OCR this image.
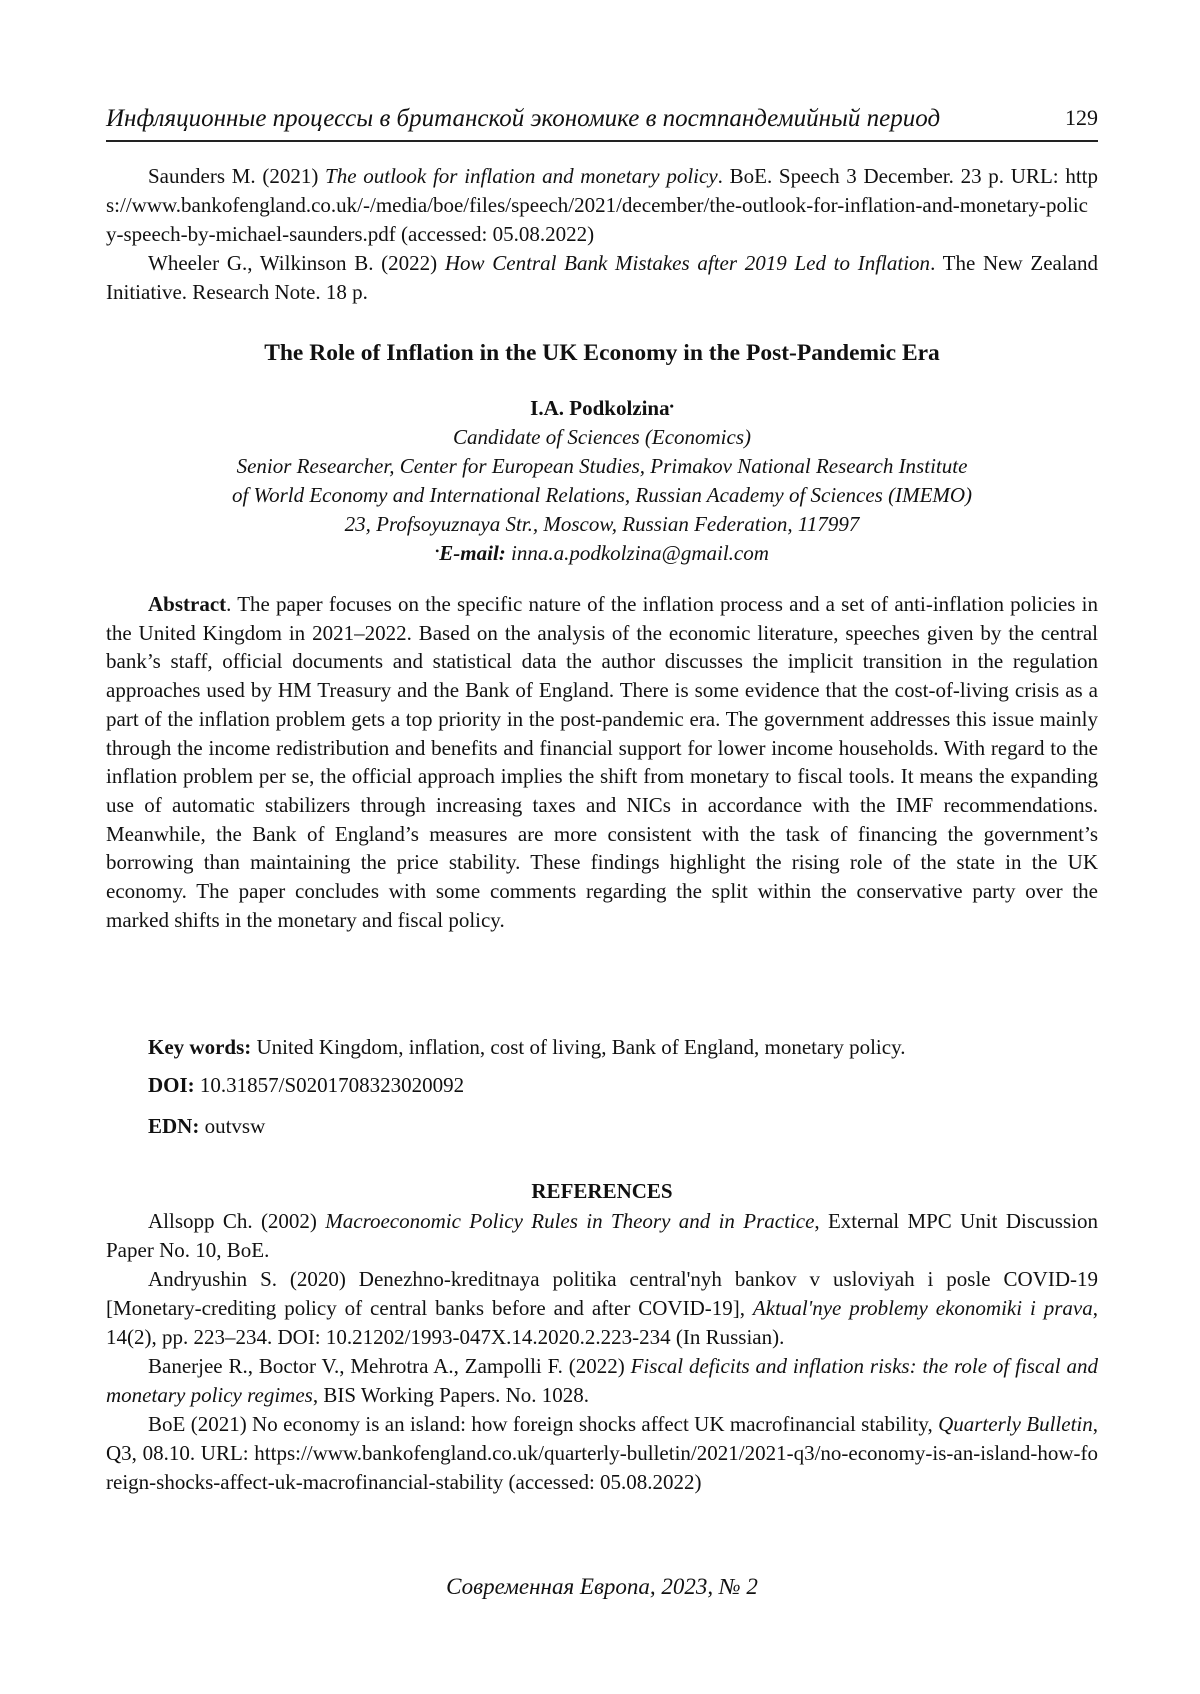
Инфляционные процессы в британской экономике в постпандемийный период	129

Saunders M. (2021) The outlook for inflation and monetary policy. BoE. Speech 3 December. 23 p. URL: https://www.bankofengland.co.uk/-/media/boe/files/speech/2021/december/the-outlook-for-inflation-and-monetary-policy-speech-by-michael-saunders.pdf (accessed: 05.08.2022)

Wheeler G., Wilkinson B. (2022) How Central Bank Mistakes after 2019 Led to Inflation. The New Zealand Initiative. Research Note. 18 p.

The Role of Inflation in the UK Economy in the Post-Pandemic Era

I.A. Podkolzina•

Candidate of Sciences (Economics)

Senior Researcher, Center for European Studies, Primakov National Research Institute

of World Economy and International Relations, Russian Academy of Sciences (IMEMO)

23, Profsoyuznaya Str., Moscow, Russian Federation, 117997

•E-mail: inna.a.podkolzina@gmail.com

Abstract. The paper focuses on the specific nature of the inflation process and a set of anti-inflation policies in the United Kingdom in 2021–2022. Based on the analysis of the economic literature, speeches given by the central bank’s staff, official documents and statistical data the author discusses the implicit transition in the regulation approaches used by HM Treasury and the Bank of England. There is some evidence that the cost-of-living crisis as a part of the inflation problem gets a top priority in the post-pandemic era. The government addresses this issue mainly through the income redistribution and benefits and financial support for lower income households. With regard to the inflation problem per se, the official approach implies the shift from monetary to fiscal tools. It means the expanding use of automatic stabilizers through increasing taxes and NICs in accordance with the IMF recommendations. Meanwhile, the Bank of England’s measures are more consistent with the task of financing the government’s borrowing than maintaining the price stability. These findings highlight the rising role of the state in the UK economy. The paper concludes with some comments regarding the split within the conservative party over the marked shifts in the monetary and fiscal policy.

Key words: United Kingdom, inflation, cost of living, Bank of England, monetary policy.

DOI: 10.31857/S0201708323020092

EDN: outvsw

REFERENCES

Allsopp Ch. (2002) Macroeconomic Policy Rules in Theory and in Practice, External MPC Unit Discussion Paper No. 10, BoE.

Andryushin S. (2020) Denezhno-kreditnaya politika central'nyh bankov v usloviyah i posle COVID-19 [Monetary-crediting policy of central banks before and after COVID-19], Aktual'nye problemy ekonomiki i prava, 14(2), pp. 223–234. DOI: 10.21202/1993-047X.14.2020.2.223-234 (In Russian).

Banerjee R., Boctor V., Mehrotra A., Zampolli F. (2022) Fiscal deficits and inflation risks: the role of fiscal and monetary policy regimes, BIS Working Papers. No. 1028.

BoE (2021) No economy is an island: how foreign shocks affect UK macrofinancial stability, Quarterly Bulletin, Q3, 08.10. URL: https://www.bankofengland.co.uk/quarterly-bulletin/2021/2021-q3/no-economy-is-an-island-how-foreign-shocks-affect-uk-macrofinancial-stability (accessed: 05.08.2022)

Современная Европа, 2023, № 2
